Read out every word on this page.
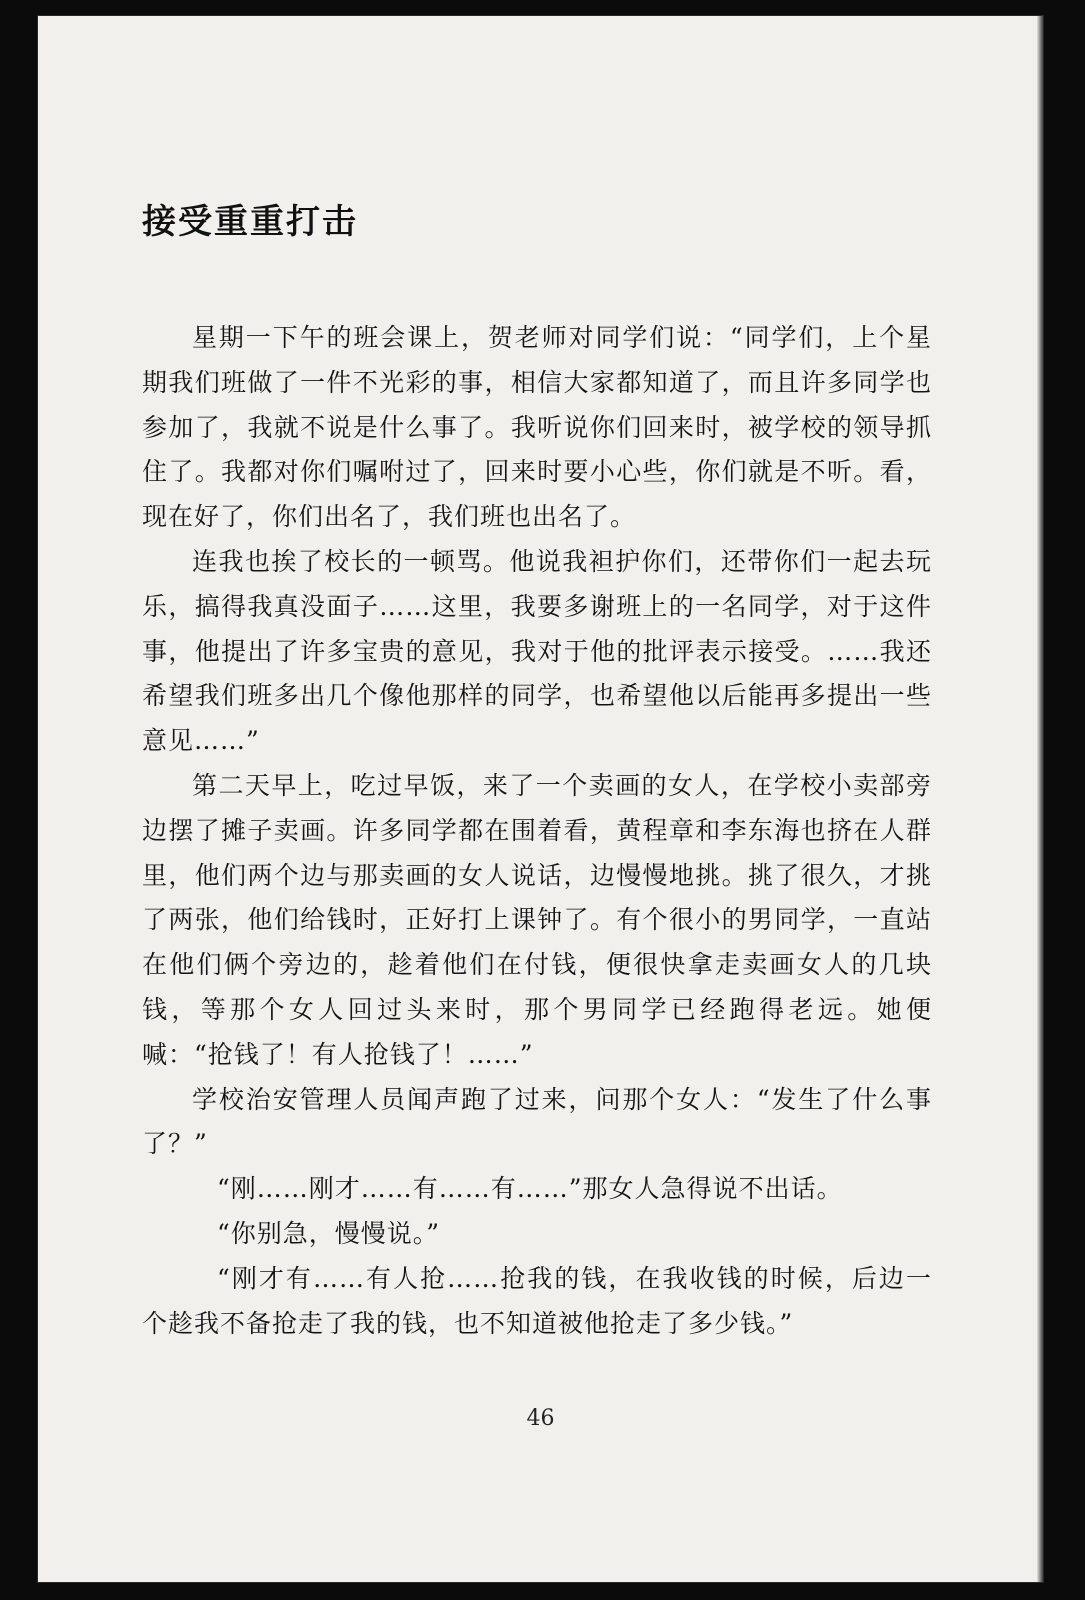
接受重重打击

星期一下午的班会课上，贺老师对同学们说：“同学们，上个星期我们班做了一件不光彩的事，相信大家都知道了，而且许多同学也参加了，我就不说是什么事了。我听说你们回来时，被学校的领导抓住了。我都对你们嘱咐过了，回来时要小心些，你们就是不听。看，现在好了，你们出名了，我们班也出名了。

连我也挨了校长的一顿骂。他说我袒护你们，还带你们一起去玩乐，搞得我真没面子……这里，我要多谢班上的一名同学，对于这件事，他提出了许多宝贵的意见，我对于他的批评表示接受。……我还希望我们班多出几个像他那样的同学，也希望他以后能再多提出一些意见……”

第二天早上，吃过早饭，来了一个卖画的女人，在学校小卖部旁边摆了摊子卖画。许多同学都在围着看，黄程章和李东海也挤在人群里，他们两个边与那卖画的女人说话，边慢慢地挑。挑了很久，才挑了两张，他们给钱时，正好打上课钟了。有个很小的男同学，一直站在他们俩个旁边的，趁着他们在付钱，便很快拿走卖画女人的几块钱，等那个女人回过头来时，那个男同学已经跑得老远。她便喊：“抢钱了！有人抢钱了！……”

学校治安管理人员闻声跑了过来，问那个女人：“发生了什么事了？”

“刚……刚才……有……有……”那女人急得说不出话。

“你别急，慢慢说。”

“刚才有……有人抢……抢我的钱，在我收钱的时候，后边一个趁我不备抢走了我的钱，也不知道被他抢走了多少钱。”

46
